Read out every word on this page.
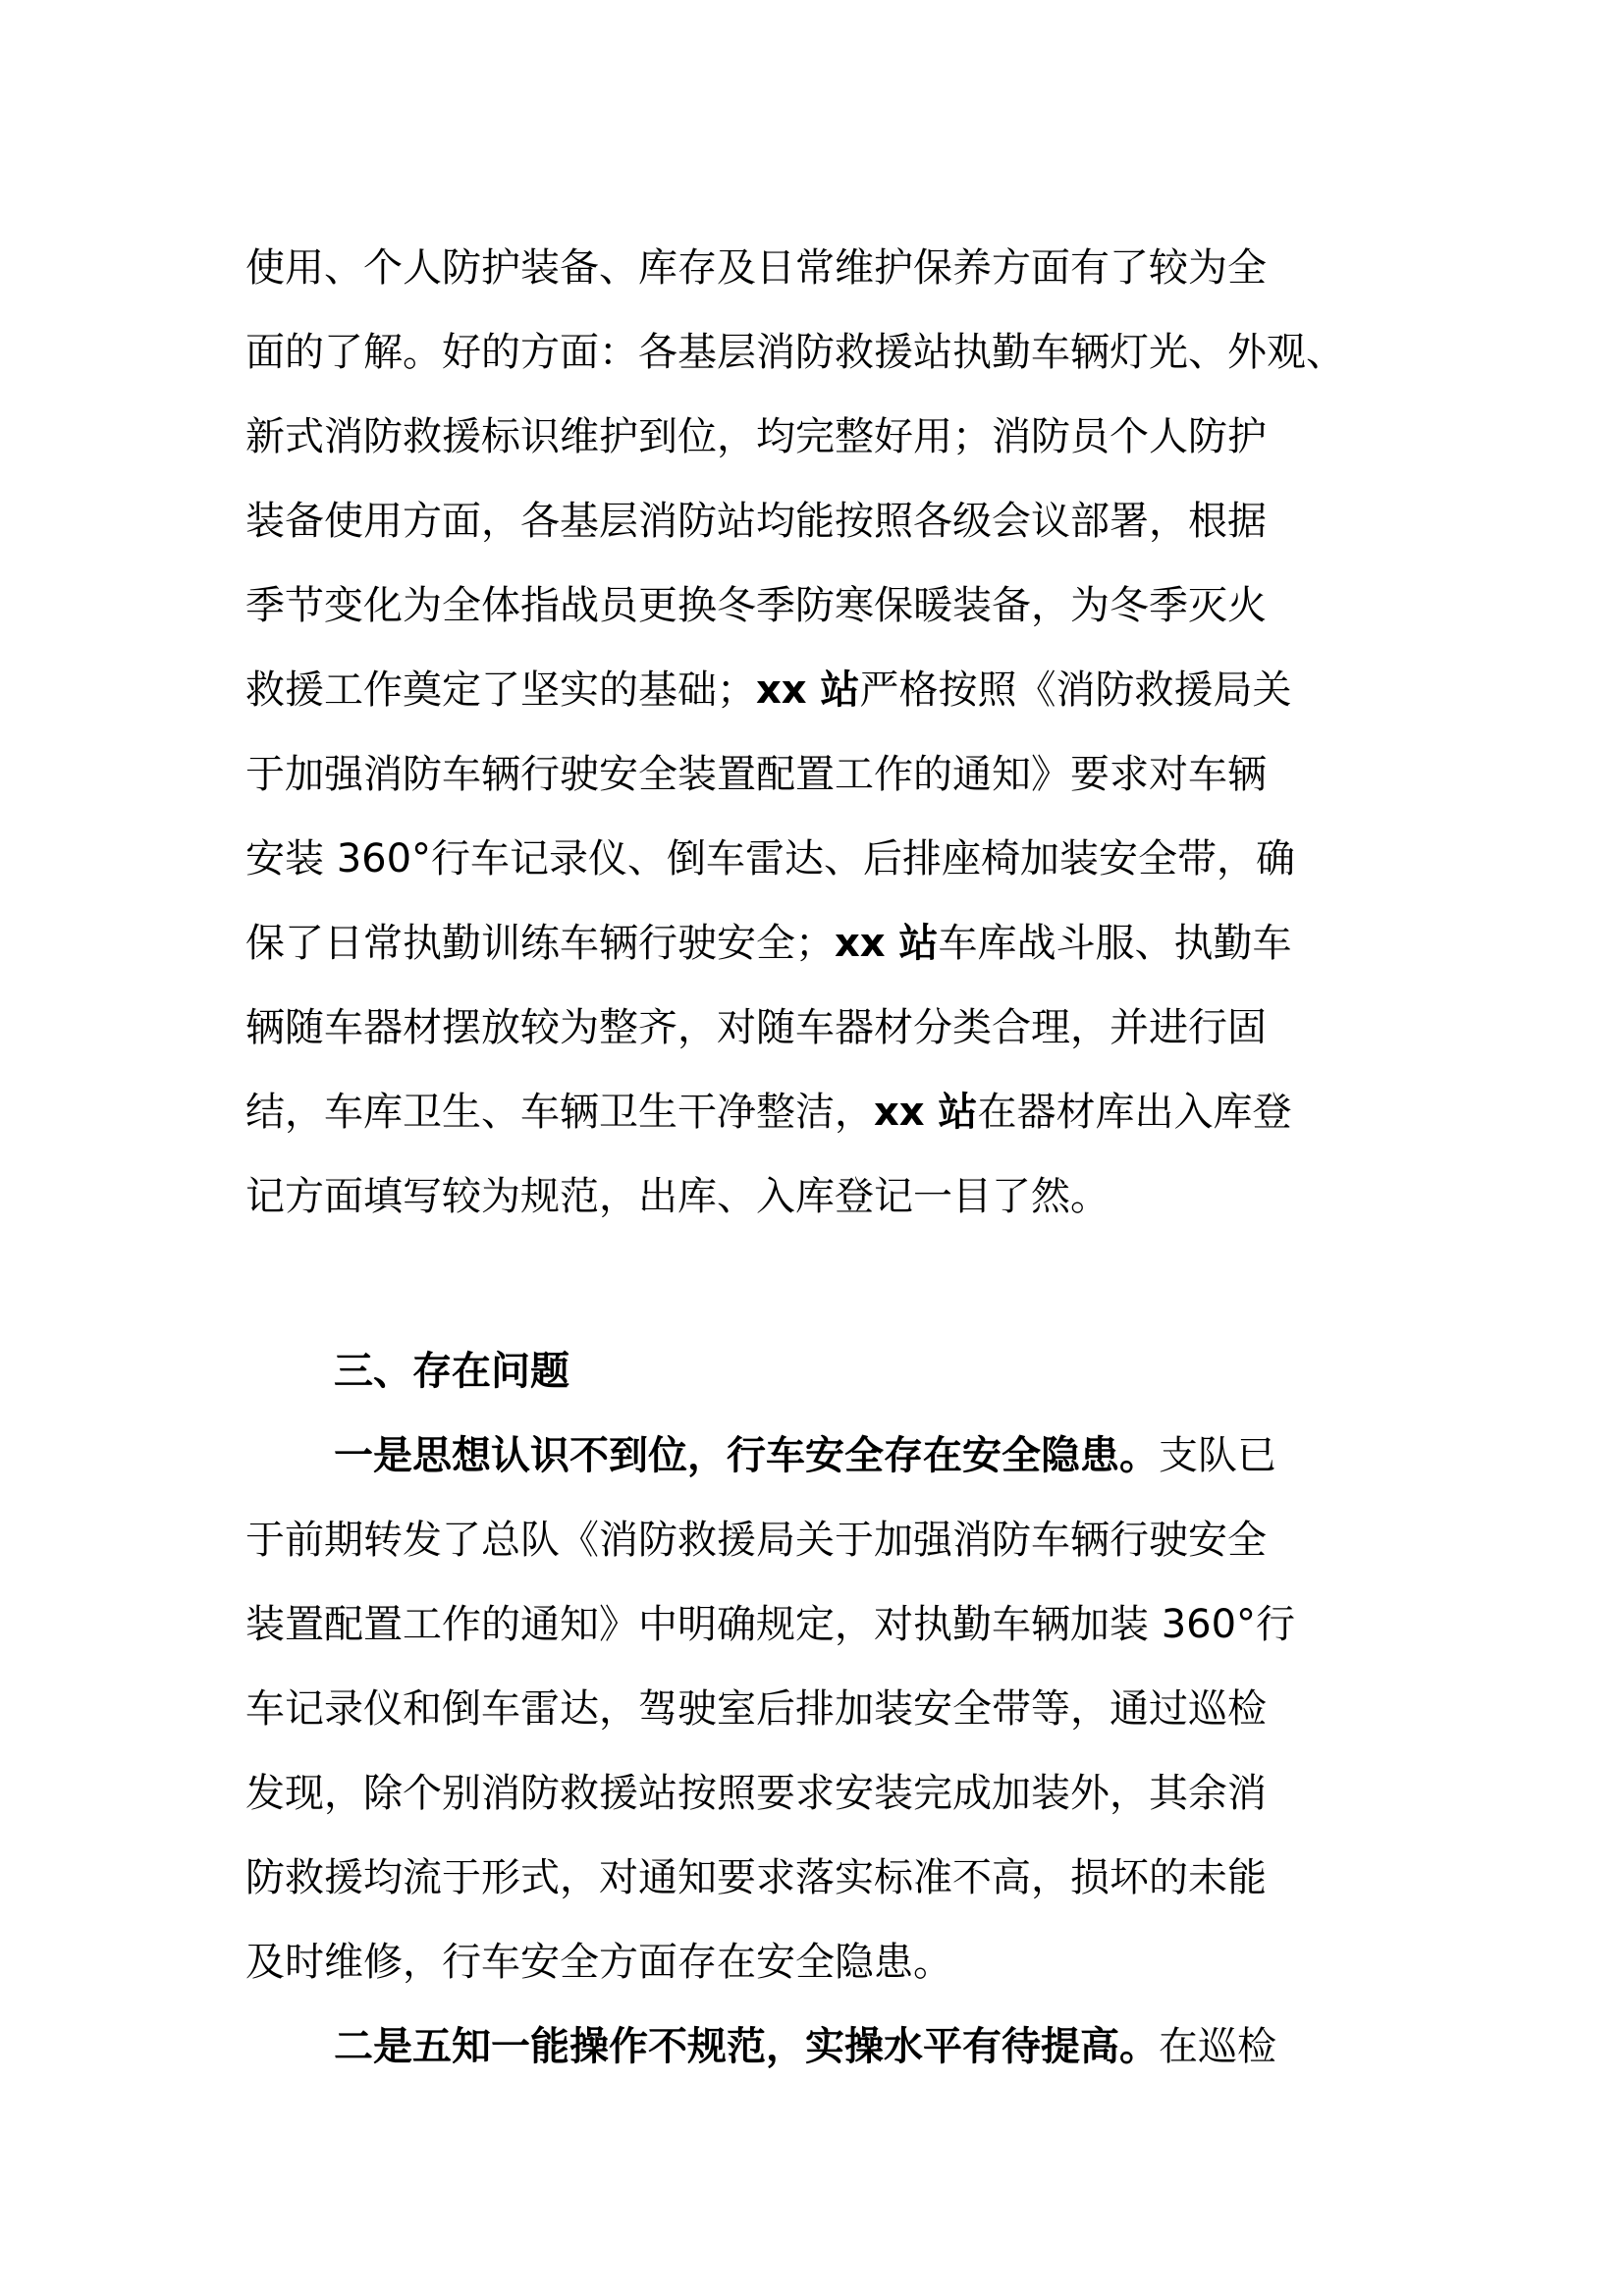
使用、个人防护装备、库存及日常维护保养方面有了较为全
面的了解。好的方面：各基层消防救援站执勤车辆灯光、外观、
新式消防救援标识维护到位，均完整好用；消防员个人防护
装备使用方面，各基层消防站均能按照各级会议部署，根据
季节变化为全体指战员更换冬季防寒保暖装备，为冬季灭火
救援工作奠定了坚实的基础；xx 站严格按照《消防救援局关
于加强消防车辆行驶安全装置配置工作的通知》要求对车辆
安装 360°行车记录仪、倒车雷达、后排座椅加装安全带，确
保了日常执勤训练车辆行驶安全；xx 站车库战斗服、执勤车
辆随车器材摆放较为整齐，对随车器材分类合理，并进行固
结，车库卫生、车辆卫生干净整洁，xx 站在器材库出入库登
记方面填写较为规范，出库、入库登记一目了然。
三、存在问题
一是思想认识不到位，行车安全存在安全隐患。支队已
于前期转发了总队《消防救援局关于加强消防车辆行驶安全
装置配置工作的通知》中明确规定，对执勤车辆加装 360°行
车记录仪和倒车雷达，驾驶室后排加装安全带等，通过巡检
发现，除个别消防救援站按照要求安装完成加装外，其余消
防救援均流于形式，对通知要求落实标准不高，损坏的未能
及时维修，行车安全方面存在安全隐患。
二是五知一能操作不规范，实操水平有待提高。在巡检
